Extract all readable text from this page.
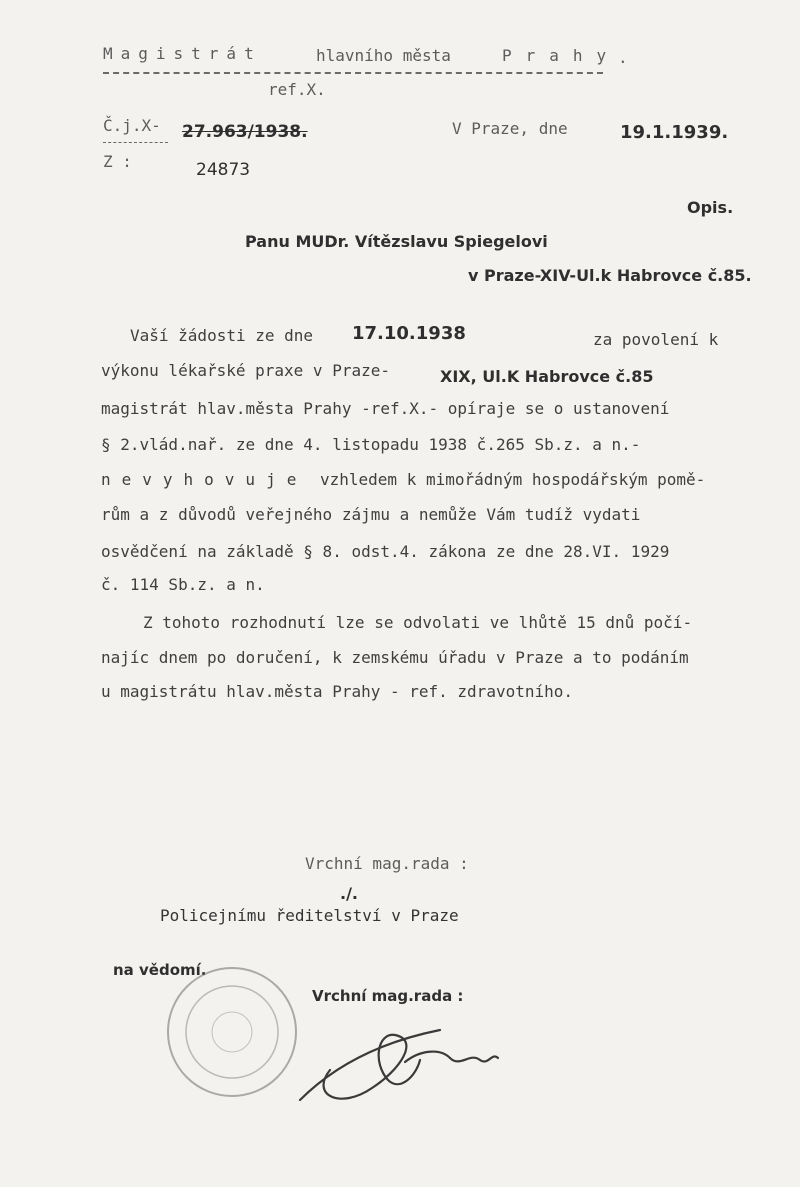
Magistrát	hlavního města	Prahy
.
ref.X.
Č.j.X- 27.963/1938.
Z :	24873
V Praze, dne	19.1.1939.
Opis.
Panu MUDr. Vítězslavu Spiegelovi
v Praze-XIV-Ul.k Habrovce č.85.
Vaší žádosti ze dne 17.10.1938	za povolení k
výkonu lékařské praxe v Praze-	XIX, Ul.K Habrovce č.85
magistrát hlav.města Prahy -ref.X.- opíraje se o ustanovení
§ 2.vlád.nař. ze dne 4. listopadu 1938 č.265 Sb.z. a n.-
nevyhovuje vzhledem k mimořádným hospodářským pomě-
rům a z důvodů veřejného zájmu a nemůže Vám tudíž vydati
osvědčení na základě § 8. odst.4. zákona ze dne 28.VI. 1929
č. 114 Sb.z. a n.
Z tohoto rozhodnutí lze se odvolati ve lhůtě 15 dnů počí-
najíc dnem po doručení, k zemskému úřadu v Praze a to podáním
u magistrátu hlav.města Prahy - ref. zdravotního.
Vrchní mag.rada :
./.
Policejnímu ředitelství v Praze
na vědomí.
Vrchní mag.rada :
